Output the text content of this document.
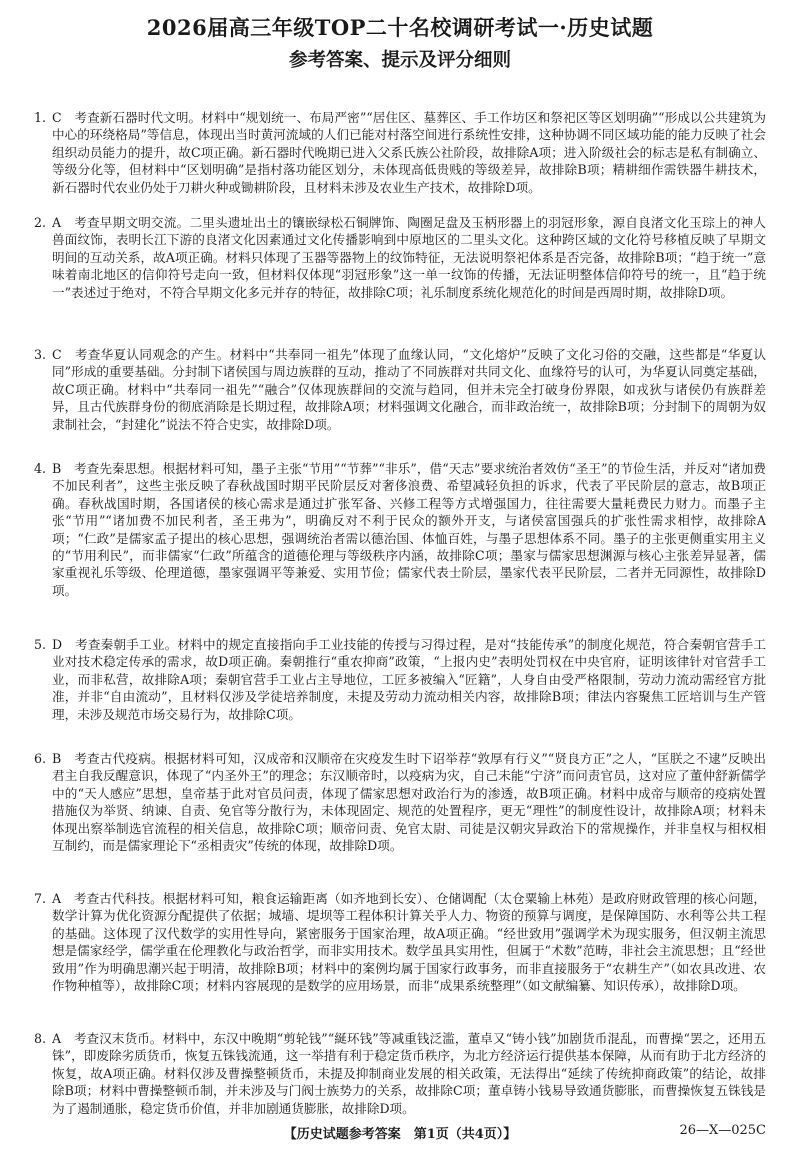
2026届高三年级TOP二十名校调研考试一·历史试题
参考答案、提示及评分细则
1. C　考查新石器时代文明。材料中“规划统一、布局严密”“居住区、墓葬区、手工作坊区和祭祀区等区划明确”“形成以公共建筑为中心的环绕格局”等信息，体现出当时黄河流域的人们已能对村落空间进行系统性安排，这种协调不同区域功能的能力反映了社会组织动员能力的提升，故C项正确。新石器时代晚期已进入父系氏族公社阶段，故排除A项；进入阶级社会的标志是私有制确立、等级分化等，但材料中“区划明确”是指村落功能区划分，未体现高低贵贱的等级差异，故排除B项；精耕细作需铁器牛耕技术，新石器时代农业仍处于刀耕火种或锄耕阶段，且材料未涉及农业生产技术，故排除D项。
2. A　考查早期文明交流。二里头遗址出土的镶嵌绿松石铜牌饰、陶圈足盘及玉柄形器上的羽冠形象，源自良渚文化玉琮上的神人兽面纹饰，表明长江下游的良渚文化因素通过文化传播影响到中原地区的二里头文化。这种跨区域的文化符号移植反映了早期文明间的互动关系，故A项正确。材料只体现了玉器等器物上的纹饰特征，无法说明祭祀体系是否完备，故排除B项；“趋于统一”意味着南北地区的信仰符号走向一致，但材料仅体现“羽冠形象”这一单一纹饰的传播，无法证明整体信仰符号的统一，且“趋于统一”表述过于绝对，不符合早期文化多元并存的特征，故排除C项；礼乐制度系统化规范化的时间是西周时期，故排除D项。
3. C　考查华夏认同观念的产生。材料中“共奉同一祖先”体现了血缘认同，“文化熔炉”反映了文化习俗的交融，这些都是“华夏认同”形成的重要基础。分封制下诸侯国与周边族群的互动，推动了不同族群对共同文化、血缘符号的认可，为华夏认同奠定基础，故C项正确。材料中“共奉同一祖先”“融合”仅体现族群间的交流与趋同，但并未完全打破身份界限，如戎狄与诸侯仍有族群差异，且古代族群身份的彻底消除是长期过程，故排除A项；材料强调文化融合，而非政治统一，故排除B项；分封制下的周朝为奴隶制社会，“封建化”说法不符合史实，故排除D项。
4. B　考查先秦思想。根据材料可知，墨子主张“节用”“节葬”“非乐”，借“天志”要求统治者效仿“圣王”的节俭生活，并反对“诸加费不加民利者”，这些主张反映了春秋战国时期平民阶层反对奢侈浪费、希望减轻负担的诉求，代表了平民阶层的意志，故B项正确。春秋战国时期，各国诸侯的核心需求是通过扩张军备、兴修工程等方式增强国力，往往需要大量耗费民力财力。而墨子主张“节用”“诸加费不加民利者，圣王弗为”，明确反对不利于民众的额外开支，与诸侯富国强兵的扩张性需求相悖，故排除A项；“仁政”是儒家孟子提出的核心思想，强调统治者需以德治国、体恤百姓，与墨子思想体系不同。墨子的主张更侧重实用主义的“节用利民”，而非儒家“仁政”所蕴含的道德伦理与等级秩序内涵，故排除C项；墨家与儒家思想渊源与核心主张差异显著，儒家重视礼乐等级、伦理道德，墨家强调平等兼爱、实用节俭；儒家代表士阶层，墨家代表平民阶层，二者并无同源性，故排除D项。
5. D　考查秦朝手工业。材料中的规定直接指向手工业技能的传授与习得过程，是对“技能传承”的制度化规范，符合秦朝官营手工业对技术稳定传承的需求，故D项正确。秦朝推行“重农抑商”政策，“上报内史”表明处罚权在中央官府，证明该律针对官营手工业，而非私营，故排除A项；秦朝官营手工业占主导地位，工匠多被编入“匠籍”，人身自由受严格限制，劳动力流动需经官方批准，并非“自由流动”，且材料仅涉及学徒培养制度，未提及劳动力流动相关内容，故排除B项；律法内容聚焦工匠培训与生产管理，未涉及规范市场交易行为，故排除C项。
6. B　考查古代疫病。根据材料可知，汉成帝和汉顺帝在灾疫发生时下诏举荐“敦厚有行义”“贤良方正”之人，“匡朕之不逮”反映出君主自我反醒意识，体现了“内圣外王”的理念；东汉顺帝时，以疫病为灾，自己未能“宁济”而问责官员，这对应了董仲舒新儒学中的“天人感应”思想，皇帝基于此对官员问责，体现了儒家思想对政治行为的渗透，故B项正确。材料中成帝与顺帝的疫病处置措施仅为举贤、纳谏、自责、免官等分散行为，未体现固定、规范的处置程序，更无“理性”的制度性设计，故排除A项；材料未体现出察举制选官流程的相关信息，故排除C项；顺帝问责、免官太尉、司徒是汉朝灾异政治下的常规操作，并非皇权与相权相互制约，而是儒家理论下“丞相责灾”传统的体现，故排除D项。
7. A　考查古代科技。根据材料可知，粮食运输距离（如齐地到长安）、仓储调配（太仓粟输上林苑）是政府财政管理的核心问题，数学计算为优化资源分配提供了依据；城墙、堤坝等工程体积计算关乎人力、物资的预算与调度，是保障国防、水利等公共工程的基础。这体现了汉代数学的实用性导向，紧密服务于国家治理，故A项正确。“经世致用”强调学术为现实服务，但汉朝主流思想是儒家经学，儒学重在伦理教化与政治哲学，而非实用技术。数学虽具实用性，但属于“术数”范畴，非社会主流思想；且“经世致用”作为明确思潮兴起于明清，故排除B项；材料中的案例均属于国家行政事务，而非直接服务于“农耕生产”（如农具改进、农作物种植等），故排除C项；材料内容展现的是数学的应用场景，而非“成果系统整理”（如文献编纂、知识传承），故排除D项。
8. A　考查汉末货币。材料中，东汉中晚期“剪轮钱”“綖环钱”等减重钱泛滥，董卓又“铸小钱”加剧货币混乱，而曹操“罢之，还用五铢”，即废除劣质货币，恢复五铢钱流通，这一举措有利于稳定货币秩序，为北方经济运行提供基本保障，从而有助于北方经济的恢复，故A项正确。材料仅涉及曹操整顿货币，未提及抑制商业发展的相关政策，无法得出“延续了传统抑商政策”的结论，故排除B项；材料中曹操整顿币制，并未涉及与门阀士族势力的关系，故排除C项；董卓铸小钱易导致通货膨胀，而曹操恢复五铢钱是为了遏制通胀，稳定货币价值，并非加剧通货膨胀，故排除D项。
【历史试题参考答案　第1页（共4页）】	26—X—025C
